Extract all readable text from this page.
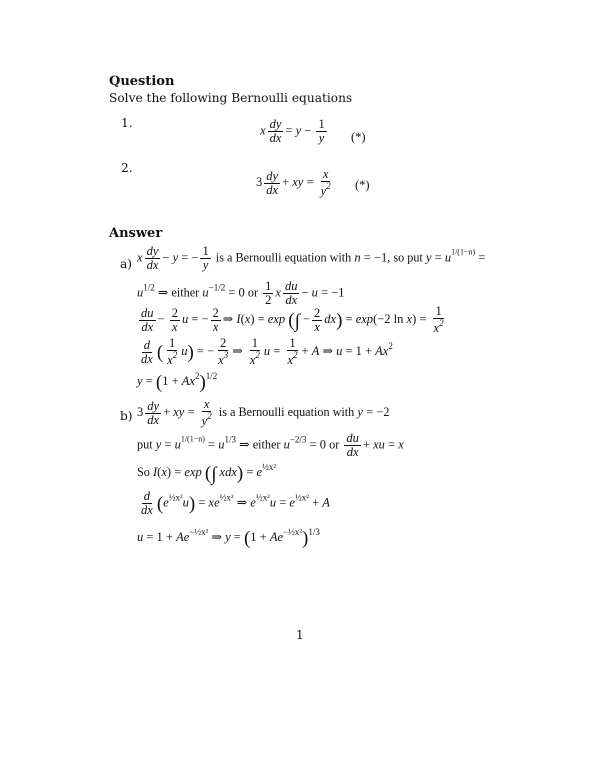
Question
Solve the following Bernoulli equations
1.
x $\frac{dy}{dx} = y - \frac{1}{y}$ (*)
2.
$3 \frac{dy}{dx}$ + xy = $\frac{x}{y^2}$ (*)
Answer
a) x $\frac{dy}{dx} - y$ = − $\frac{1}{y}$ is a Bernoulli equation with n = −1, so put $y = u^{1/(1-n)}$ =
$u^{1/2}$ ⇒ either $u^{-1/2} = 0$ or $\frac{1}{2}$ x $\frac{du}{dx} - u = -1$
$\frac{du}{dx} - \frac{2}{x}$ u = − $\frac{2}{x}$ ⇒ I(x) = exp (∫ − $\frac{2}{x} dx) = \exp(-2$ $\ln x) = \frac{1}{x^2}$
$\frac{d}{dx}$ ( $\frac{1}{x^2} u$) = − $\frac{2}{x^3}$ ⇒ $\frac{1}{x^2}$ $u = \frac{1}{x^2} + A$ ⇒ $u = 1 + Ax^2$
$y = (1 + Ax^2)^{1/2}$
b) $3 \frac{dy}{dx}$ + xy = $\frac{x}{y^2}$ is a Bernoulli equation with y = −2
put $y = u^{1/(1-n)} = u^{1/3}$ ⇒ either $u^{-2/3} = 0$ or $\frac{du}{dx}$ + xu = x
So I(x) = exp (∫ $xdx) = e^{\frac{1}{2}x^2}$
$\frac{d}{dx} (e^{\frac{1}{2}x^2}u) = xe^{\frac{1}{2}x^2}$ ⇒ $e^{\frac{1}{2}x^2}u = e^{\frac{1}{2}x^2} + A$
$u = 1 + Ae^{-\frac{1}{2}x^2}$ ⇒ $y = (1 + Ae^{-\frac{1}{2}x^2})^{1/3}$
1
